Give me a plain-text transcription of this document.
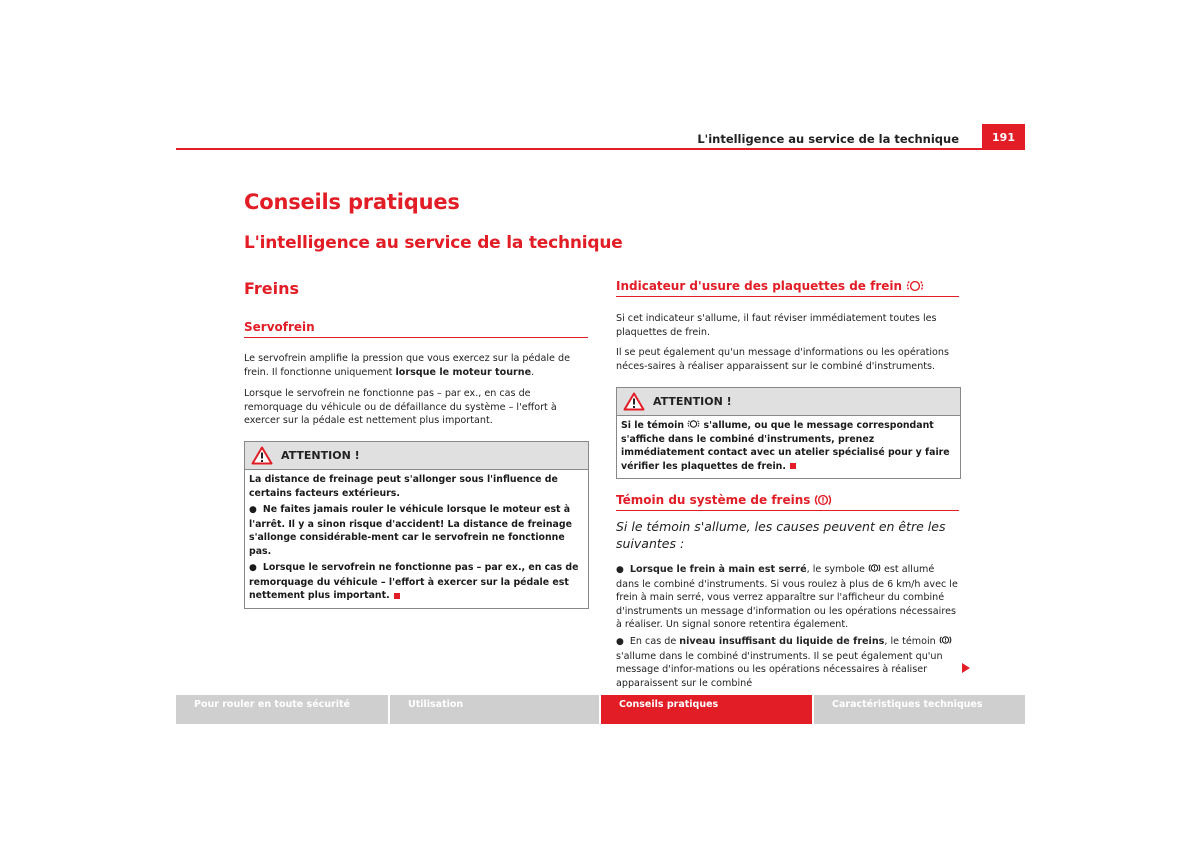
L'intelligence au service de la technique	191
Conseils pratiques
L'intelligence au service de la technique
Freins
Servofrein
Le servofrein amplifie la pression que vous exercez sur la pédale de frein. Il fonctionne uniquement lorsque le moteur tourne.
Lorsque le servofrein ne fonctionne pas – par ex., en cas de remorquage du véhicule ou de défaillance du système – l'effort à exercer sur la pédale est nettement plus important.
ATTENTION !

La distance de freinage peut s'allonger sous l'influence de certains facteurs extérieurs.

● Ne faites jamais rouler le véhicule lorsque le moteur est à l'arrêt. Il y a sinon risque d'accident! La distance de freinage s'allonge considérable-ment car le servofrein ne fonctionne pas.

● Lorsque le servofrein ne fonctionne pas – par ex., en cas de remorquage du véhicule – l'effort à exercer sur la pédale est nettement plus important.

Indicateur d'usure des plaquettes de frein
Si cet indicateur s'allume, il faut réviser immédiatement toutes les plaquettes de frein.
Il se peut également qu'un message d'informations ou les opérations néces-saires à réaliser apparaissent sur le combiné d'instruments.
ATTENTION !
Si le témoin s'allume, ou que le message correspondant s'affiche dans le combiné d'instruments, prenez immédiatement contact avec un atelier spécialisé pour y faire vérifier les plaquettes de frein.
Témoin du système de freins
Si le témoin s'allume, les causes peuvent en être les suivantes :
● Lorsque le frein à main est serré, le symbole est allumé dans le combiné d'instruments. Si vous roulez à plus de 6 km/h avec le frein à main serré, vous verrez apparaître sur l'afficheur du combiné d'instruments un message d'information ou les opérations nécessaires à réaliser. Un signal sonore retentira également.
● En cas de niveau insuffisant du liquide de freins, le témoin  s'allume dans le combiné d'instruments. Il se peut également qu'un message d'infor-mations ou les opérations nécessaires à réaliser apparaissent sur le combiné
Pour rouler en toute sécurité	Utilisation	Conseils pratiques	Caractéristiques techniques
